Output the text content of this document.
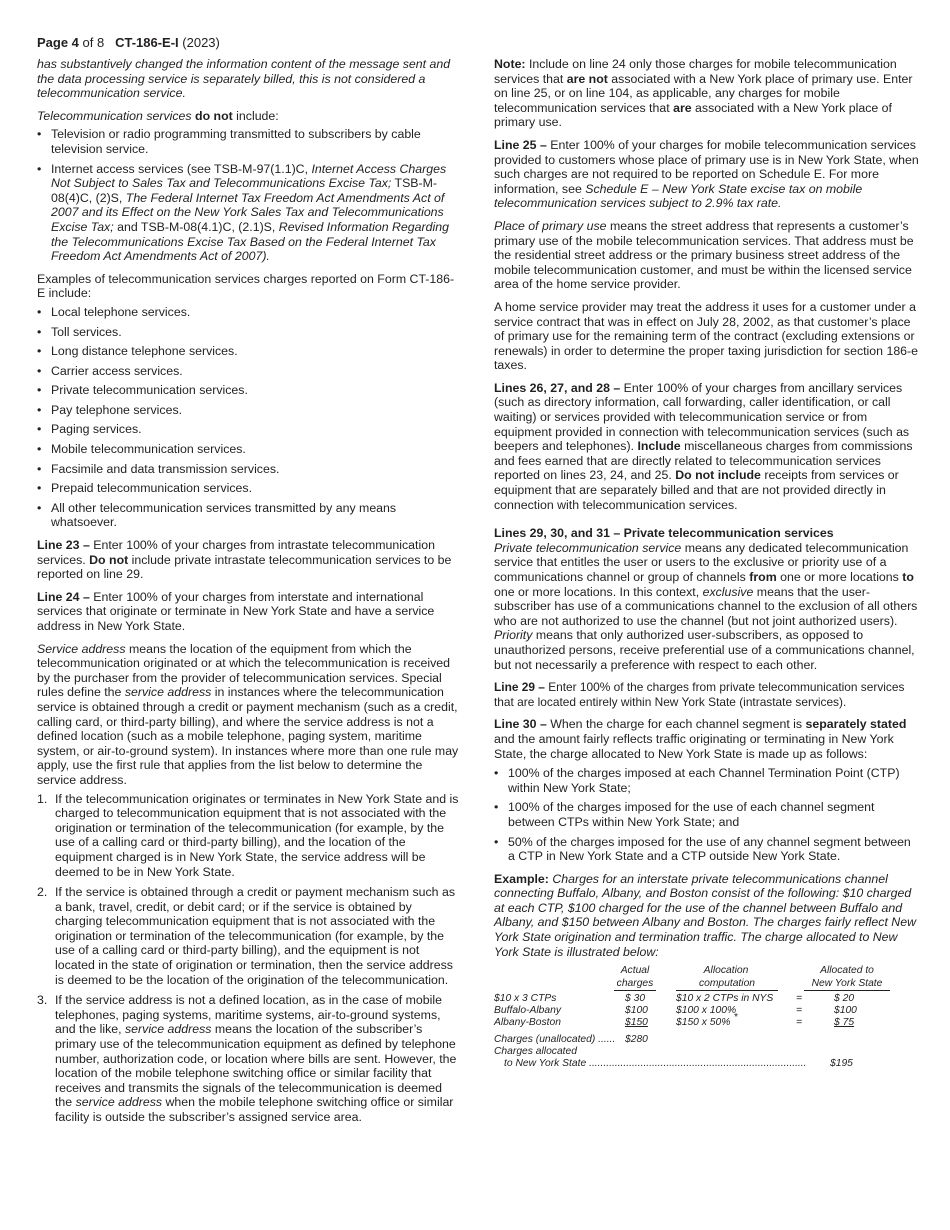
Page 4 of 8 CT-186-E-I (2023)

has substantively changed the information content of the message sent and the data processing service is separately billed, this is not considered a telecommunication service.

Telecommunication services do not include:

• Television or radio programming transmitted to subscribers by cable television service.
• Internet access services (see TSB-M-97(1.1)C, Internet Access Charges Not Subject to Sales Tax and Telecommunications Excise Tax; TSB-M-08(4)C, (2)S, The Federal Internet Tax Freedom Act Amendments Act of 2007 and its Effect on the New York Sales Tax and Telecommunications Excise Tax; and TSB-M-08(4.1)C, (2.1)S, Revised Information Regarding the Telecommunications Excise Tax Based on the Federal Internet Tax Freedom Act Amendments Act of 2007).

Examples of telecommunication services charges reported on Form CT-186-E include:

• Local telephone services.
• Toll services.
• Long distance telephone services.
• Carrier access services.
• Private telecommunication services.
• Pay telephone services.
• Paging services.
• Mobile telecommunication services.
• Facsimile and data transmission services.
• Prepaid telecommunication services.
• All other telecommunication services transmitted by any means whatsoever.

Line 23 – Enter 100% of your charges from intrastate telecommunication services. Do not include private intrastate telecommunication services to be reported on line 29.

Line 24 – Enter 100% of your charges from interstate and international services that originate or terminate in New York State and have a service address in New York State.

Service address means the location of the equipment from which the telecommunication originated or at which the telecommunication is received by the purchaser from the provider of telecommunication services. Special rules define the service address in instances where the telecommunication service is obtained through a credit or payment mechanism (such as a credit, calling card, or third-party billing), and where the service address is not a defined location (such as a mobile telephone, paging system, maritime system, or air-to-ground system). In instances where more than one rule may apply, use the first rule that applies from the list below to determine the service address.

1. If the telecommunication originates or terminates in New York State and is charged to telecommunication equipment that is not associated with the origination or termination of the telecommunication (for example, by the use of a calling card or third-party billing), and the location of the equipment charged is in New York State, the service address will be deemed to be in New York State.
2. If the service is obtained through a credit or payment mechanism such as a bank, travel, credit, or debit card; or if the service is obtained by charging telecommunication equipment that is not associated with the origination or termination of the telecommunication (for example, by the use of a calling card or third-party billing), and the equipment is not located in the state of origination or termination, then the service address is deemed to be the location of the origination of the telecommunication.
3. If the service address is not a defined location, as in the case of mobile telephones, paging systems, maritime systems, air-to-ground systems, and the like, service address means the location of the subscriber’s primary use of the telecommunication equipment as defined by telephone number, authorization code, or location where bills are sent. However, the location of the mobile telephone switching office or similar facility that receives and transmits the signals of the telecommunication is deemed the service address when the mobile telephone switching office or similar facility is outside the subscriber’s assigned service area.

Note: Include on line 24 only those charges for mobile telecommunication services that are not associated with a New York place of primary use. Enter on line 25, or on line 104, as applicable, any charges for mobile telecommunication services that are associated with a New York place of primary use.

Line 25 – Enter 100% of your charges for mobile telecommunication services provided to customers whose place of primary use is in New York State, when such charges are not required to be reported on Schedule E. For more information, see Schedule E – New York State excise tax on mobile telecommunication services subject to 2.9% tax rate.

Place of primary use means the street address that represents a customer’s primary use of the mobile telecommunication services. That address must be the residential street address or the primary business street address of the mobile telecommunication customer, and must be within the licensed service area of the home service provider.

A home service provider may treat the address it uses for a customer under a service contract that was in effect on July 28, 2002, as that customer’s place of primary use for the remaining term of the contract (excluding extensions or renewals) in order to determine the proper taxing jurisdiction for section 186-e taxes.

Lines 26, 27, and 28 – Enter 100% of your charges from ancillary services (such as directory information, call forwarding, caller identification, or call waiting) or services provided with telecommunication service or from equipment provided in connection with telecommunication services (such as beepers and telephones). Include miscellaneous charges from commissions and fees earned that are directly related to telecommunication services reported on lines 23, 24, and 25. Do not include receipts from services or equipment that are separately billed and that are not provided directly in connection with telecommunication services.

Lines 29, 30, and 31 – Private telecommunication services

Private telecommunication service means any dedicated telecommunication service that entitles the user or users to the exclusive or priority use of a communications channel or group of channels from one or more locations to one or more locations. In this context, exclusive means that the user-subscriber has use of a communications channel to the exclusion of all others who are not authorized to use the channel (but not joint authorized users). Priority means that only authorized user-subscribers, as opposed to unauthorized persons, receive preferential use of a communications channel, but not necessarily a preference with respect to each other.

Line 29 – Enter 100% of the charges from private telecommunication services that are located entirely within New York State (intrastate services).

Line 30 – When the charge for each channel segment is separately stated and the amount fairly reflects traffic originating or terminating in New York State, the charge allocated to New York State is made up as follows:

• 100% of the charges imposed at each Channel Termination Point (CTP) within New York State;
• 100% of the charges imposed for the use of each channel segment between CTPs within New York State; and
• 50% of the charges imposed for the use of any channel segment between a CTP in New York State and a CTP outside New York State.

Example: Charges for an interstate private telecommunications channel connecting Buffalo, Albany, and Boston consist of the following: $10 charged at each CTP, $100 charged for the use of the channel between Buffalo and Albany, and $150 between Albany and Boston. The charges fairly reflect New York State origination and termination traffic. The charge allocated to New York State is illustrated below:

Actual	Allocation	Allocated to
charges	computation	New York State
$10 x 3 CTPs	$ 30	$10 x 2 CTPs in NYS =	$ 20
Buffalo-Albany	$100	$100 x 100%	=	$100
Albany-Boston	$150	$150 x 50% *	=	$ 75
Charges (unallocated) ...... $280
Charges allocated
to New York State ............................................................................ $195
